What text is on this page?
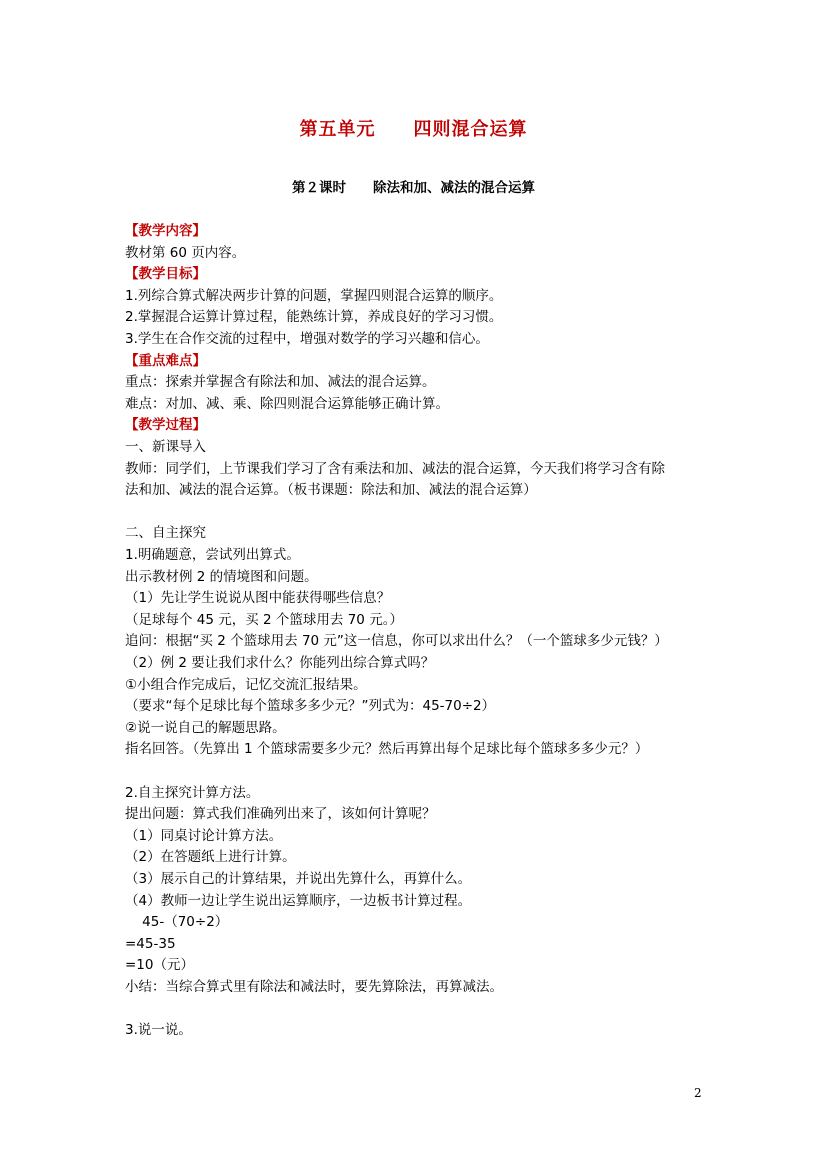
第五单元　　四则混合运算
第２课时　　除法和加、减法的混合运算
【教学内容】
教材第 60 页内容。
【教学目标】
1.列综合算式解决两步计算的问题，掌握四则混合运算的顺序。
2.掌握混合运算计算过程，能熟练计算，养成良好的学习习惯。
3.学生在合作交流的过程中，增强对数学的学习兴趣和信心。
【重点难点】
重点：探索并掌握含有除法和加、减法的混合运算。
难点：对加、减、乘、除四则混合运算能够正确计算。
【教学过程】
一、新课导入
教师：同学们，上节课我们学习了含有乘法和加、减法的混合运算，今天我们将学习含有除
法和加、减法的混合运算。（板书课题：除法和加、减法的混合运算）
二、自主探究
1.明确题意，尝试列出算式。
出示教材例 2 的情境图和问题。
（1）先让学生说说从图中能获得哪些信息？
（足球每个 45 元，买 2 个篮球用去 70 元。）
追问：根据“买 2 个篮球用去 70 元”这一信息，你可以求出什么？（一个篮球多少元钱？）
（2）例 2 要让我们求什么？你能列出综合算式吗？
①小组合作完成后，记忆交流汇报结果。
（要求“每个足球比每个篮球多多少元？”列式为：45-70÷2）
②说一说自己的解题思路。
指名回答。（先算出 1 个篮球需要多少元？然后再算出每个足球比每个篮球多多少元？）
2.自主探究计算方法。
提出问题：算式我们准确列出来了，该如何计算呢？
（1）同桌讨论计算方法。
（2）在答题纸上进行计算。
（3）展示自己的计算结果，并说出先算什么，再算什么。
（4）教师一边让学生说出运算顺序，一边板书计算过程。
45-（70÷2）
=45-35
=10（元）
小结：当综合算式里有除法和减法时，要先算除法，再算减法。
3.说一说。
2
